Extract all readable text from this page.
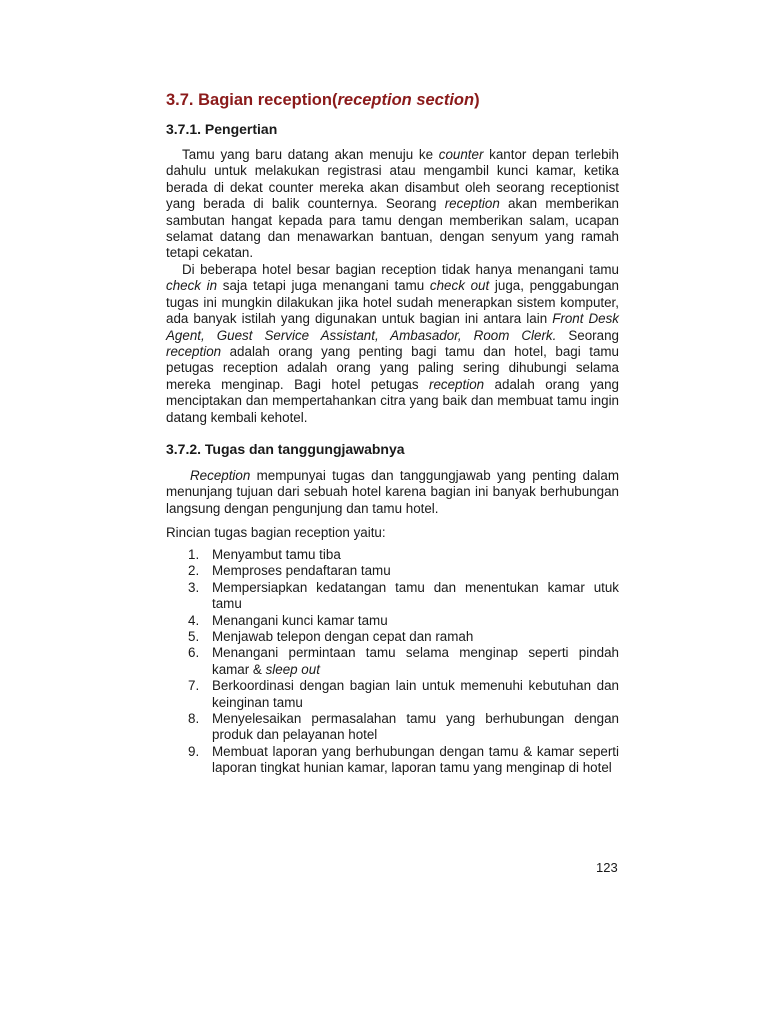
3.7. Bagian reception(reception section)
3.7.1. Pengertian

Tamu yang baru datang akan menuju ke counter kantor depan terlebih dahulu untuk melakukan registrasi atau mengambil kunci kamar, ketika berada di dekat counter mereka akan disambut oleh seorang receptionist yang berada di balik counternya. Seorang reception akan memberikan sambutan hangat kepada para tamu dengan memberikan salam, ucapan selamat datang dan menawarkan bantuan, dengan senyum yang ramah tetapi cekatan.

Di beberapa hotel besar bagian reception tidak hanya menangani tamu check in saja tetapi juga menangani tamu check out juga, penggabungan tugas ini mungkin dilakukan jika hotel sudah menerapkan sistem komputer, ada banyak istilah yang digunakan untuk bagian ini antara lain Front Desk Agent, Guest Service Assistant, Ambasador, Room Clerk. Seorang reception adalah orang yang penting bagi tamu dan hotel, bagi tamu petugas reception adalah orang yang paling sering dihubungi selama mereka menginap. Bagi hotel petugas reception adalah orang yang menciptakan dan mempertahankan citra yang baik dan membuat tamu ingin datang kembali kehotel.

3.7.2. Tugas dan tanggungjawabnya

Reception mempunyai tugas dan tanggungjawab yang penting dalam menunjang tujuan dari sebuah hotel karena bagian ini banyak berhubungan langsung dengan pengunjung dan tamu hotel.

Rincian tugas bagian reception yaitu:

1. Menyambut tamu tiba
2. Memproses pendaftaran tamu
3. Mempersiapkan kedatangan tamu dan menentukan kamar utuk tamu
4. Menangani kunci kamar tamu
5. Menjawab telepon dengan cepat dan ramah
6. Menangani permintaan tamu selama menginap seperti pindah kamar & sleep out
7. Berkoordinasi dengan bagian lain untuk memenuhi kebutuhan dan keinginan tamu
8. Menyelesaikan permasalahan tamu yang berhubungan dengan produk dan pelayanan hotel
9. Membuat laporan yang berhubungan dengan tamu & kamar seperti laporan tingkat hunian kamar, laporan tamu yang menginap di hotel
123
